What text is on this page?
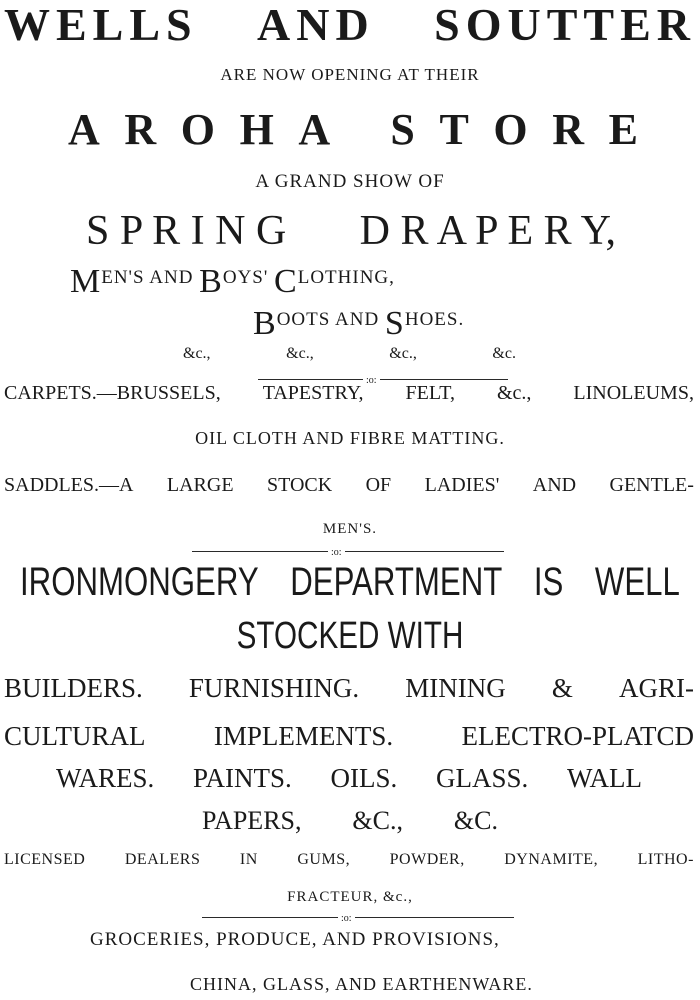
WELLS AND SOUTTER
ARE NOW OPENING AT THEIR
A R O H A
S T O R E
A GRAND SHOW OF
S P R I N G D R A P E R Y,
MEN'S AND BOYS' CLOTHING,
BOOTS AND SHOES.
&c.,	&c.,	&c.,	&c.
:o:
CARPETS.—BRUSSELS, TAPESTRY, FELT, &c., LINOLEUMS,
OIL CLOTH AND FIBRE MATTING.
SADDLES.—A LARGE STOCK OF LADIES' AND GENTLE-
MEN'S.
:o:
IRONMONGERY DEPARTMENT IS WELL
STOCKED WITH
BUILDERS. FURNISHING. MINING & AGRI-
CULTURAL	IMPLEMENTS.	ELECTRO-PLATCD
WARES. PAINTS. OILS. GLASS. WALL
PAPERS, &C., &C.
LICENSED DEALERS IN GUMS, POWDER, DYNAMITE, LITHO-
FRACTEUR, &c.,
:o:
GROCERIES, PRODUCE, AND PROVISIONS,
CHINA, GLASS, AND EARTHENWARE.
